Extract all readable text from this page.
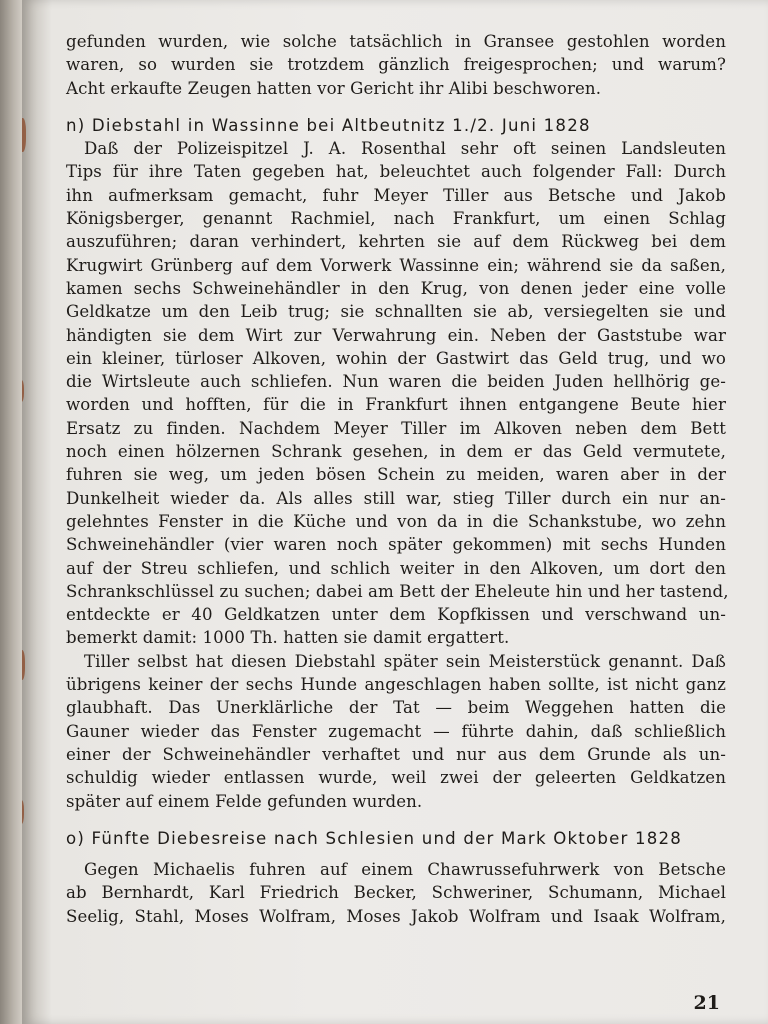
gefunden wurden, wie solche tatsächlich in Gransee gestohlen worden
waren, so wurden sie trotzdem gänzlich freigesprochen; und warum?
Acht erkaufte Zeugen hatten vor Gericht ihr Alibi beschworen.
n) Diebstahl in Wassinne bei Altbeutnitz 1./2. Juni 1828
Daß der Polizeispitzel J. A. Rosenthal sehr oft seinen Landsleuten
Tips für ihre Taten gegeben hat, beleuchtet auch folgender Fall: Durch
ihn aufmerksam gemacht, fuhr Meyer Tiller aus Betsche und Jakob
Königsberger, genannt Rachmiel, nach Frankfurt, um einen Schlag
auszuführen; daran verhindert, kehrten sie auf dem Rückweg bei dem
Krugwirt Grünberg auf dem Vorwerk Wassinne ein; während sie da saßen,
kamen sechs Schweinehändler in den Krug, von denen jeder eine volle
Geldkatze um den Leib trug; sie schnallten sie ab, versiegelten sie und
händigten sie dem Wirt zur Verwahrung ein. Neben der Gaststube war
ein kleiner, türloser Alkoven, wohin der Gastwirt das Geld trug, und wo
die Wirtsleute auch schliefen. Nun waren die beiden Juden hellhörig ge-
worden und hofften, für die in Frankfurt ihnen entgangene Beute hier
Ersatz zu finden. Nachdem Meyer Tiller im Alkoven neben dem Bett
noch einen hölzernen Schrank gesehen, in dem er das Geld vermutete,
fuhren sie weg, um jeden bösen Schein zu meiden, waren aber in der
Dunkelheit wieder da. Als alles still war, stieg Tiller durch ein nur an-
gelehntes Fenster in die Küche und von da in die Schankstube, wo zehn
Schweinehändler (vier waren noch später gekommen) mit sechs Hunden
auf der Streu schliefen, und schlich weiter in den Alkoven, um dort den
Schrankschlüssel zu suchen; dabei am Bett der Eheleute hin und her tastend,
entdeckte er 40 Geldkatzen unter dem Kopfkissen und verschwand un-
bemerkt damit: 1000 Th. hatten sie damit ergattert.
Tiller selbst hat diesen Diebstahl später sein Meisterstück genannt. Daß
übrigens keiner der sechs Hunde angeschlagen haben sollte, ist nicht ganz
glaubhaft. Das Unerklärliche der Tat — beim Weggehen hatten die
Gauner wieder das Fenster zugemacht — führte dahin, daß schließlich
einer der Schweinehändler verhaftet und nur aus dem Grunde als un-
schuldig wieder entlassen wurde, weil zwei der geleerten Geldkatzen
später auf einem Felde gefunden wurden.
o) Fünfte Diebesreise nach Schlesien und der Mark Oktober 1828
Gegen Michaelis fuhren auf einem Chawrussefuhrwerk von Betsche
ab Bernhardt, Karl Friedrich Becker, Schweriner, Schumann, Michael
Seelig, Stahl, Moses Wolfram, Moses Jakob Wolfram und Isaak Wolfram,
21
